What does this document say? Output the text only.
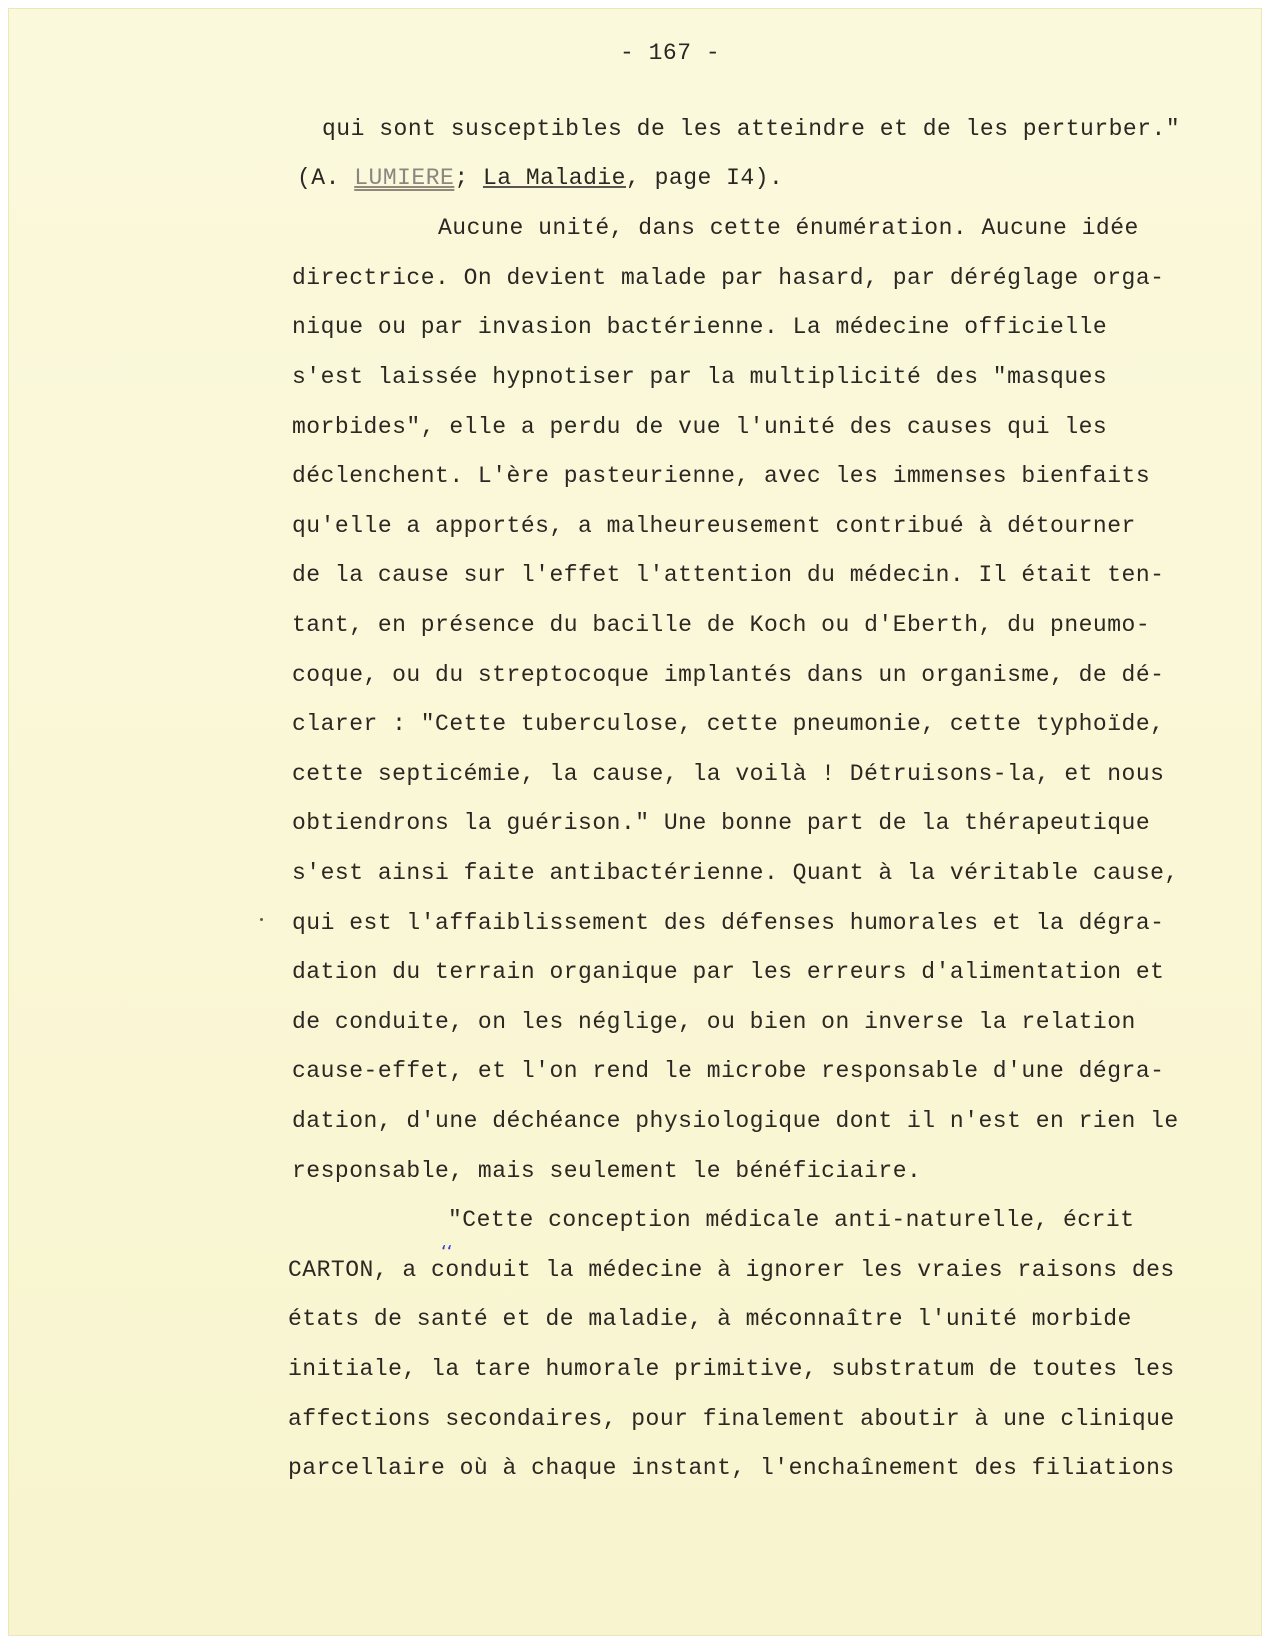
- 167 -
qui sont susceptibles de les atteindre et de les perturber."
Aucune unité, dans cette énumération. Aucune idée
directrice. On devient malade par hasard, par déréglage orga-
nique ou par invasion bactérienne. La médecine officielle
s'est laissée hypnotiser par la multiplicité des "masques
morbides", elle a perdu de vue l'unité des causes qui les
déclenchent. L'ère pasteurienne, avec les immenses bienfaits
qu'elle a apportés, a malheureusement contribué à détourner
de la cause sur l'effet l'attention du médecin. Il était ten-
tant, en présence du bacille de Koch ou d'Eberth, du pneumo-
coque, ou du streptocoque implantés dans un organisme, de dé-
clarer : "Cette tuberculose, cette pneumonie, cette typhoïde,
cette septicémie, la cause, la voilà ! Détruisons-la, et nous
obtiendrons la guérison." Une bonne part de la thérapeutique
s'est ainsi faite antibactérienne. Quant à la véritable cause,
qui est l'affaiblissement des défenses humorales et la dégra-
dation du terrain organique par les erreurs d'alimentation et
de conduite, on les néglige, ou bien on inverse la relation
cause-effet, et l'on rend le microbe responsable d'une dégra-
dation, d'une déchéance physiologique dont il n'est en rien le
responsable, mais seulement le bénéficiaire.
"Cette conception médicale anti-naturelle, écrit
CARTON, a conduit la médecine à ignorer les vraies raisons des
états de santé et de maladie, à méconnaître l'unité morbide
initiale, la tare humorale primitive, substratum de toutes les
affections secondaires, pour finalement aboutir à une clinique
parcellaire où à chaque instant, l'enchaînement des filiations
(A. LUMIERE; La Maladie, page I4).
‘‘
